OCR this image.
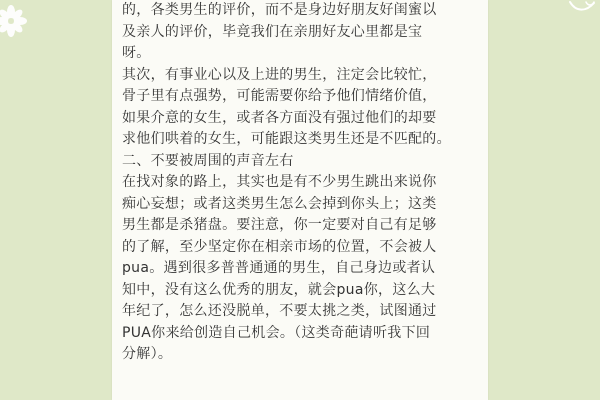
的，各类男生的评价，而不是身边好朋友好闺蜜以
及亲人的评价，毕竟我们在亲朋好友心里都是宝
呀。
其次，有事业心以及上进的男生，注定会比较忙，
骨子里有点强势，可能需要你给予他们情绪价值，
如果介意的女生，或者各方面没有强过他们的却要
求他们哄着的女生，可能跟这类男生还是不匹配的。
二、不要被周围的声音左右
在找对象的路上，其实也是有不少男生跳出来说你
痴心妄想；或者这类男生怎么会掉到你头上；这类
男生都是杀猪盘。要注意，你一定要对自己有足够
的了解，至少坚定你在相亲市场的位置，不会被人
pua。遇到很多普普通通的男生，自己身边或者认
知中，没有这么优秀的朋友，就会pua你，这么大
年纪了，怎么还没脱单，不要太挑之类，试图通过
PUA你来给创造自己机会。（这类奇葩请听我下回
分解）。
